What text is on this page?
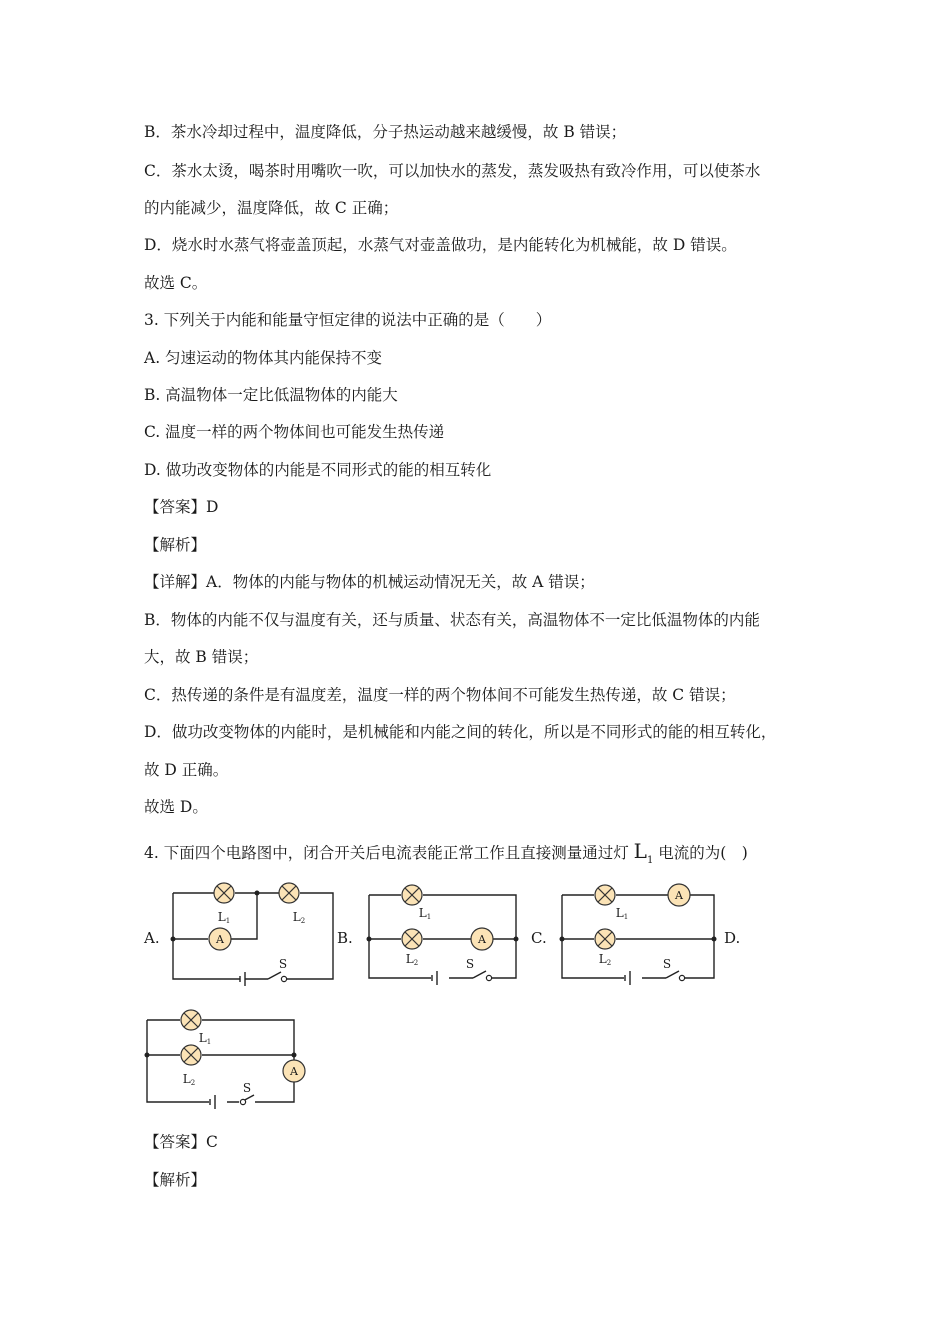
B．茶水冷却过程中，温度降低，分子热运动越来越缓慢，故 B 错误；
C．茶水太烫，喝茶时用嘴吹一吹，可以加快水的蒸发，蒸发吸热有致冷作用，可以使茶水
的内能减少，温度降低，故 C 正确；
D．烧水时水蒸气将壶盖顶起，水蒸气对壶盖做功，是内能转化为机械能，故 D 错误。
故选 C。
3. 下列关于内能和能量守恒定律的说法中正确的是（　　）
A. 匀速运动的物体其内能保持不变
B. 高温物体一定比低温物体的内能大
C. 温度一样的两个物体间也可能发生热传递
D. 做功改变物体的内能是不同形式的能的相互转化
【答案】D
【解析】
【详解】A．物体的内能与物体的机械运动情况无关，故 A 错误；
B．物体的内能不仅与温度有关，还与质量、状态有关，高温物体不一定比低温物体的内能
大，故 B 错误；
C．热传递的条件是有温度差，温度一样的两个物体间不可能发生热传递，故 C 错误；
D．做功改变物体的内能时，是机械能和内能之间的转化，所以是不同形式的能的相互转化，
故 D 正确。
故选 D。
4. 下面四个电路图中，闭合开关后电流表能正常工作且直接测量通过灯 $L_1$ 电流的为(　)
A.	B.	C.	D.
A
L1	L2
S
A
L1
L2	S
A
L1
L2	S
A
L1
L2	S
【答案】C
【解析】
